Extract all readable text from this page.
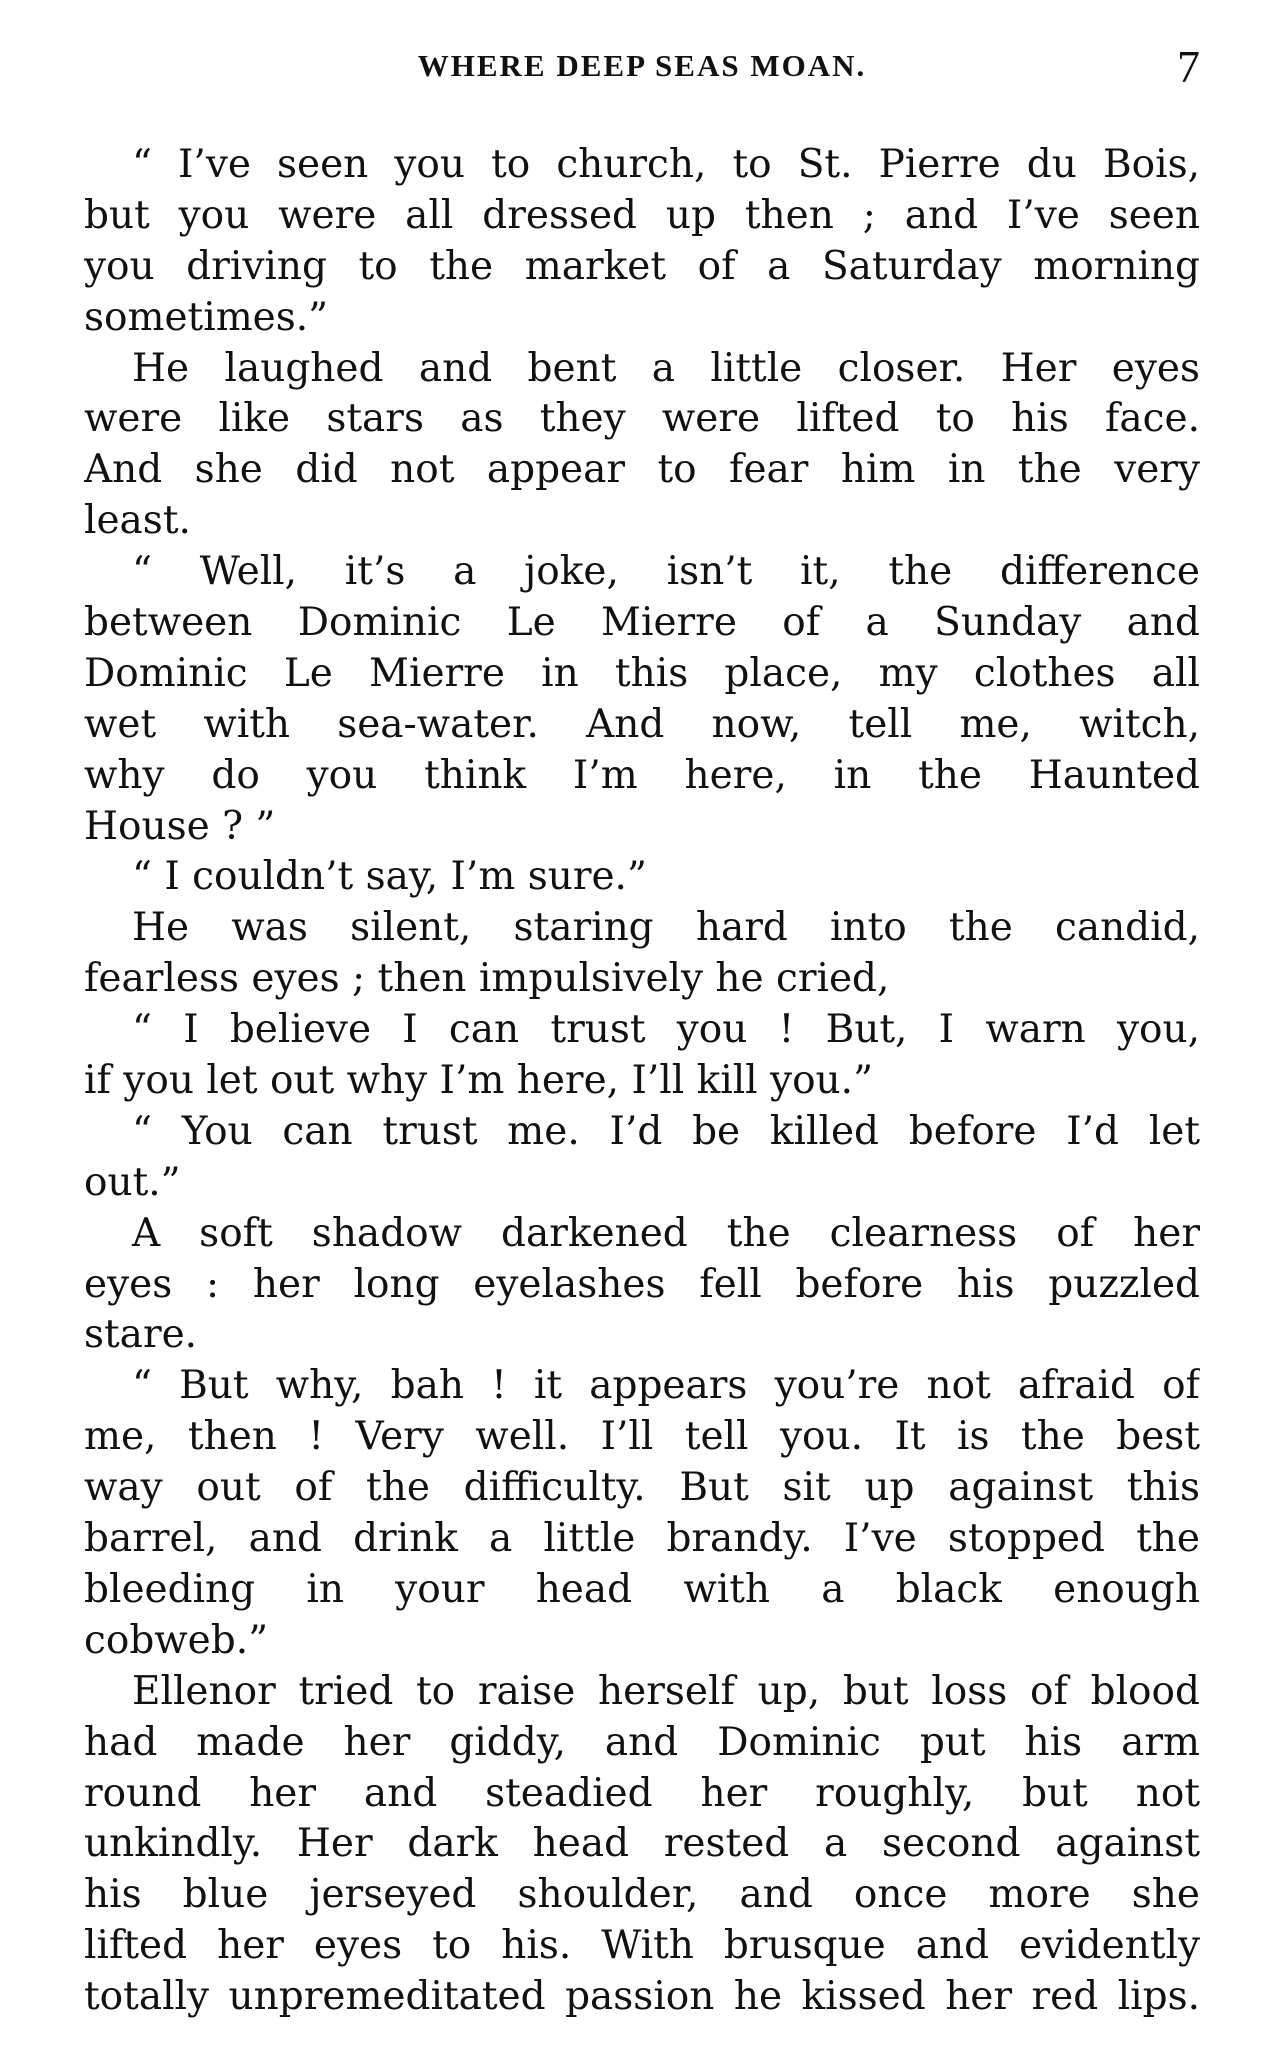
WHERE DEEP SEAS MOAN.	7

“ I’ve seen you to church, to St. Pierre du Bois,
but you were all dressed up then ; and I’ve seen
you driving to the market of a Saturday morning
sometimes.”

He laughed and bent a little closer. Her eyes
were like stars as they were lifted to his face.
And she did not appear to fear him in the very
least.

“ Well, it’s a joke, isn’t it, the difference
between Dominic Le Mierre of a Sunday and
Dominic Le Mierre in this place, my clothes all
wet with sea-water. And now, tell me, witch,
why do you think I’m here, in the Haunted
House ? ”

“ I couldn’t say, I’m sure.”

He was silent, staring hard into the candid,
fearless eyes ; then impulsively he cried,

“ I believe I can trust you ! But, I warn you,
if you let out why I’m here, I’ll kill you.”

“ You can trust me. I’d be killed before I’d let
out.”

A soft shadow darkened the clearness of her
eyes : her long eyelashes fell before his puzzled
stare.

“ But why, bah ! it appears you’re not afraid of
me, then ! Very well. I’ll tell you. It is the best
way out of the difficulty. But sit up against this
barrel, and drink a little brandy. I’ve stopped the
bleeding in your head with a black enough
cobweb.”

Ellenor tried to raise herself up, but loss of blood
had made her giddy, and Dominic put his arm
round her and steadied her roughly, but not
unkindly. Her dark head rested a second against
his blue jerseyed shoulder, and once more she
lifted her eyes to his. With brusque and evidently
totally unpremeditated passion he kissed her red lips.
